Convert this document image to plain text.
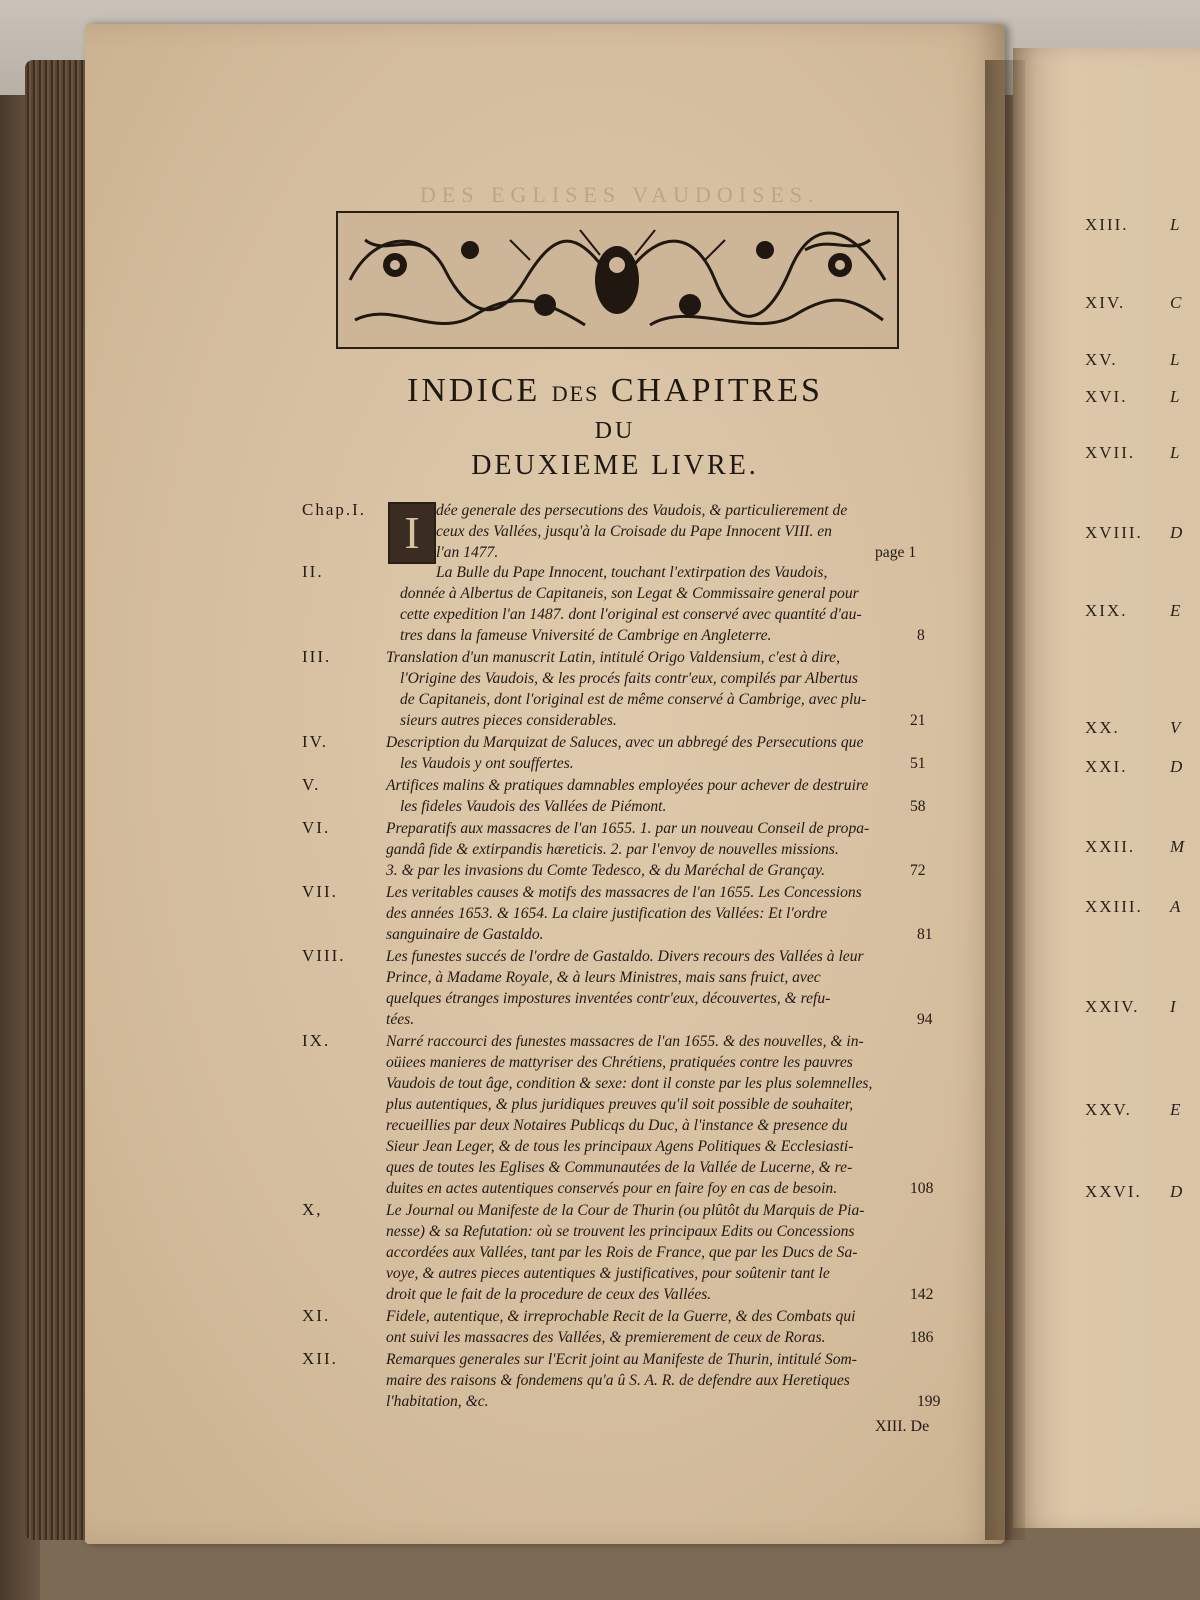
DES EGLISES VAUDOISES.
INDICE DES CHAPITRES
DU
DEUXIEME LIVRE.
I
Chap.I.	dée generale des persecutions des Vaudois, & particulierement de
ceux des Vallées, jusqu'à la Croisade du Pape Innocent VIII. en
l'an 1477.	page 1
II.	La Bulle du Pape Innocent, touchant l'extirpation des Vaudois,
donnée à Albertus de Capitaneis, son Legat & Commissaire general pour
cette expedition l'an 1487. dont l'original est conservé avec quantité d'au-
tres dans la fameuse Vniversité de Cambrige en Angleterre.	8
III.	Translation d'un manuscrit Latin, intitulé Origo Valdensium, c'est à dire,
l'Origine des Vaudois, & les procés faits contr'eux, compilés par Albertus
de Capitaneis, dont l'original est de même conservé à Cambrige, avec plu-
sieurs autres pieces considerables.	21
IV.	Description du Marquizat de Saluces, avec un abbregé des Persecutions que
les Vaudois y ont souffertes.	51
V.	Artifices malins & pratiques damnables employées pour achever de destruire
les fideles Vaudois des Vallées de Piémont.	58
VI.	Preparatifs aux massacres de l'an 1655. 1. par un nouveau Conseil de propa-
gandâ fide & extirpandis hæreticis. 2. par l'envoy de nouvelles missions.
3. & par les invasions du Comte Tedesco, & du Maréchal de Grançay.	72
VII.	Les veritables causes & motifs des massacres de l'an 1655. Les Concessions
des années 1653. & 1654. La claire justification des Vallées: Et l'ordre
sanguinaire de Gastaldo.	81
VIII.	Les funestes succés de l'ordre de Gastaldo. Divers recours des Vallées à leur
Prince, à Madame Royale, & à leurs Ministres, mais sans fruict, avec
quelques étranges impostures inventées contr'eux, découvertes, & refu-
tées.	94
IX.	Narré raccourci des funestes massacres de l'an 1655. & des nouvelles, & in-
oüiees manieres de mattyriser des Chrétiens, pratiquées contre les pauvres
Vaudois de tout âge, condition & sexe: dont il conste par les plus solemnelles,
plus autentiques, & plus juridiques preuves qu'il soit possible de souhaiter,
recueillies par deux Notaires Publicqs du Duc, à l'instance & presence du
Sieur Jean Leger, & de tous les principaux Agens Politiques & Ecclesiasti-
ques de toutes les Eglises & Communautées de la Vallée de Lucerne, & re-
duites en actes autentiques conservés pour en faire foy en cas de besoin.	108
X,	Le Journal ou Manifeste de la Cour de Thurin (ou plûtôt du Marquis de Pia-
nesse) & sa Refutation: où se trouvent les principaux Edits ou Concessions
accordées aux Vallées, tant par les Rois de France, que par les Ducs de Sa-
voye, & autres pieces autentiques & justificatives, pour soûtenir tant le
droit que le fait de la procedure de ceux des Vallées.	142
XI.	Fidele, autentique, & irreprochable Recit de la Guerre, & des Combats qui
ont suivi les massacres des Vallées, & premierement de ceux de Roras.	186
XII.	Remarques generales sur l'Ecrit joint au Manifeste de Thurin, intitulé Som-
maire des raisons & fondemens qu'a û S. A. R. de defendre aux Heretiques
l'habitation, &c.	199
XIII. De
XIII. L
XIV.	C
XV.	L
XVI.	L
XVII. L
XVIII. D
XIX.	E
XX.	V
XXI.	D
XXII. M
XXIII. A
XXIV. I
XXV. E
XXVI. D
